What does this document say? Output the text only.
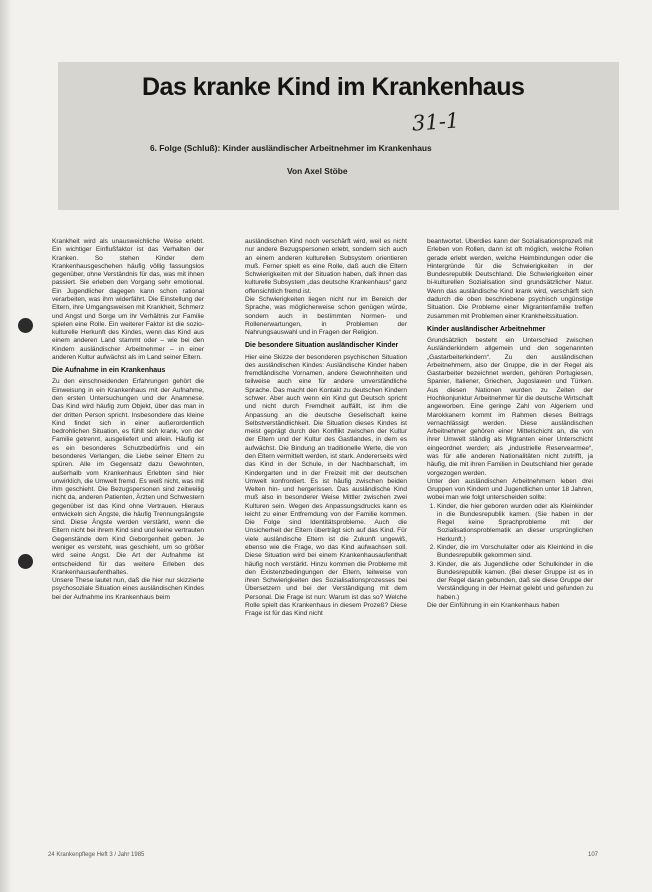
Das kranke Kind im Krankenhaus
31-1
6. Folge (Schluß): Kinder ausländischer Arbeitnehmer im Krankenhaus
Von Axel Stöbe

Krankheit wird als unausweichliche Weise erlebt. Ein wichtiger Einflußfaktor ist das Verhalten der Kranken. So stehen Kinder dem Krankenhausgeschehen häufig völlig fassungslos gegenüber, ohne Verständnis für das, was mit ihnen passiert. Sie erleben den Vorgang sehr emotional. Ein Jugendlicher dagegen kann schon rational verarbeiten, was ihm widerfährt. Die Einstellung der Eltern, ihre Umgangsweisen mit Krankheit, Schmerz und Angst und Sorge um ihr Verhältnis zur Familie spielen eine Rolle. Ein weiterer Faktor ist die sozio-kulturelle Herkunft des Kindes, wenn das Kind aus einem anderen Land stammt oder – wie bei den Kindern ausländischer Arbeitnehmer – in einer anderen Kultur aufwächst als im Land seiner Eltern.

Die Aufnahme in ein Krankenhaus

Zu den einschneidenden Erfahrungen gehört die Einweisung in ein Krankenhaus mit der Aufnahme, den ersten Untersuchungen und der Anamnese. Das Kind wird häufig zum Objekt, über das man in der dritten Person spricht. Insbesondere das kleine Kind findet sich in einer außerordentlich bedrohlichen Situation, es fühlt sich krank, von der Familie getrennt, ausgeliefert und allein. Häufig ist es ein besonderes Schutzbedürfnis und ein besonderes Verlangen, die Liebe seiner Eltern zu spüren. Alle im Gegensatz dazu Gewohnten, außerhalb vom Krankenhaus Erlebten sind hier unwirklich, die Umwelt fremd. Es weiß nicht, was mit ihm geschieht. Die Bezugspersonen sind zeitweilig nicht da, anderen Patienten, Ärzten und Schwestern gegenüber ist das Kind ohne Vertrauen. Hieraus entwickeln sich Ängste, die häufig Trennungsängste sind. Diese Ängste werden verstärkt, wenn die Eltern nicht bei ihrem Kind sind und keine vertrauten Gegenstände dem Kind Geborgenheit geben. Je weniger es versteht, was geschieht, um so größer wird seine Angst. Die Art der Aufnahme ist entscheidend für das weitere Erleben des Krankenhausaufenthaltes.

Unsere These lautet nun, daß die hier nur skizzierte psychosoziale Situation eines ausländischen Kindes bei der Aufnahme ins Krankenhaus beim

ausländischen Kind noch verschärft wird, weil es nicht nur andere Bezugspersonen erlebt, sondern sich auch an einem anderen kulturellen Subsystem orientieren muß. Ferner spielt es eine Rolle, daß auch die Eltern Schwierigkeiten mit der Situation haben, daß ihnen das kulturelle Subsystem „das deutsche Krankenhaus“ ganz offensichtlich fremd ist.

Die Schwierigkeiten liegen nicht nur im Bereich der Sprache, was möglicherweise schon genügen würde, sondern auch in bestimmten Normen- und Rollenerwartungen, in Problemen der Nahrungsauswahl und in Fragen der Religion.

Die besondere Situation ausländischer Kinder

Hier eine Skizze der besonderen psychischen Situation des ausländischen Kindes: Ausländische Kinder haben fremdländische Vornamen, andere Gewohnheiten und teilweise auch eine für andere unverständliche Sprache. Das macht den Kontakt zu deutschen Kindern schwer. Aber auch wenn ein Kind gut Deutsch spricht und nicht durch Fremdheit auffällt, ist ihm die Anpassung an die deutsche Gesellschaft keine Selbstverständlichkeit. Die Situation dieses Kindes ist meist geprägt durch den Konflikt zwischen der Kultur der Eltern und der Kultur des Gastlandes, in dem es aufwächst. Die Bindung an traditionelle Werte, die von den Eltern vermittelt werden, ist stark. Andererseits wird das Kind in der Schule, in der Nachbarschaft, im Kindergarten und in der Freizeit mit der deutschen Umwelt konfrontiert. Es ist häufig zwischen beiden Welten hin- und hergerissen. Das ausländische Kind muß also in besonderer Weise Mittler zwischen zwei Kulturen sein. Wegen des Anpassungsdrucks kann es leicht zu einer Entfremdung von der Familie kommen. Die Folge sind Identitätsprobleme. Auch die Unsicherheit der Eltern überträgt sich auf das Kind. Für viele ausländische Eltern ist die Zukunft ungewiß, ebenso wie die Frage, wo das Kind aufwachsen soll. Diese Situation wird bei einem Krankenhausaufenthalt häufig noch verstärkt. Hinzu kommen die Probleme mit den Existenzbedingungen der Eltern, teilweise von ihren Schwierigkeiten des Sozialisationsprozesses bei Übersetzern und bei der Verständigung mit dem Personal. Die Frage ist nun: Warum ist das so? Welche Rolle spielt das Krankenhaus in diesem Prozeß? Diese Frage ist für das Kind nicht

beantwortet. Überdies kann der Sozialisationsprozeß mit Erleben von Rollen, dann ist oft möglich, welche Rollen gerade erlebt werden, welche Heimbindungen oder die Hintergründe für die Schwierigkeiten in der Bundesrepublik Deutschland. Die Schwierigkeiten einer bi-kulturellen Sozialisation sind grundsätzlicher Natur. Wenn das ausländische Kind krank wird, verschärft sich dadurch die oben beschriebene psychisch ungünstige Situation. Die Probleme einer Migrantenfamilie treffen zusammen mit Problemen einer Krankheitssituation.

Kinder ausländischer Arbeitnehmer

Grundsätzlich besteht ein Unterschied zwischen Ausländerkindern allgemein und den sogenannten „Gastarbeiterkindern“. Zu den ausländischen Arbeitnehmern, also der Gruppe, die in der Regel als Gastarbeiter bezeichnet werden, gehören Portugiesen, Spanier, Italiener, Griechen, Jugoslawen und Türken. Aus diesen Nationen wurden zu Zeiten der Hochkonjunktur Arbeitnehmer für die deutsche Wirtschaft angeworben. Eine geringe Zahl von Algeriern und Marokkanern kommt im Rahmen dieses Beitrags vernachlässigt werden. Diese ausländischen Arbeitnehmer gehören einer Mittelschicht an, die von ihrer Umwelt ständig als Migranten einer Unterschicht eingeordnet werden; als „industrielle Reservearmee“, was für alle anderen Nationalitäten nicht zutrifft, ja häufig, die mit ihren Familien in Deutschland hier gerade vorgezogen werden.

Unter den ausländischen Arbeitnehmern leben drei Gruppen von Kindern und Jugendlichen unter 18 Jahren, wobei man wie folgt unterscheiden sollte:

1. Kinder, die hier geboren wurden oder als Kleinkinder in die Bundesrepublik kamen. (Sie haben in der Regel keine Sprachprobleme mit der Sozialisationsproblematik an dieser ursprünglichen Herkunft.)
2. Kinder, die im Vorschulalter oder als Kleinkind in die Bundesrepublik gekommen sind.
3. Kinder, die als Jugendliche oder Schulkinder in die Bundesrepublik kamen. (Bei dieser Gruppe ist es in der Regel daran gebunden, daß sie diese Gruppe der Verständigung in der Heimat gelebt und gefunden zu haben.)

Die der Einführung in ein Krankenhaus haben

24 Krankenpflege Heft 3 / Jahr 1985	107
